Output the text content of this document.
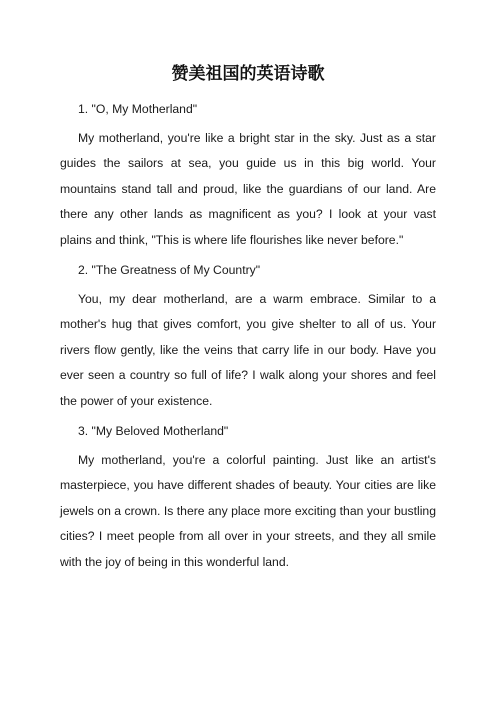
赞美祖国的英语诗歌

1. "O, My Motherland"

My motherland, you're like a bright star in the sky. Just as a star guides the sailors at sea, you guide us in this big world. Your mountains stand tall and proud, like the guardians of our land. Are there any other lands as magnificent as you? I look at your vast plains and think, "This is where life flourishes like never before."

2. "The Greatness of My Country"

You, my dear motherland, are a warm embrace. Similar to a mother's hug that gives comfort, you give shelter to all of us. Your rivers flow gently, like the veins that carry life in our body. Have you ever seen a country so full of life? I walk along your shores and feel the power of your existence.

3. "My Beloved Motherland"

My motherland, you're a colorful painting. Just like an artist's masterpiece, you have different shades of beauty. Your cities are like jewels on a crown. Is there any place more exciting than your bustling cities? I meet people from all over in your streets, and they all smile with the joy of being in this wonderful land.
